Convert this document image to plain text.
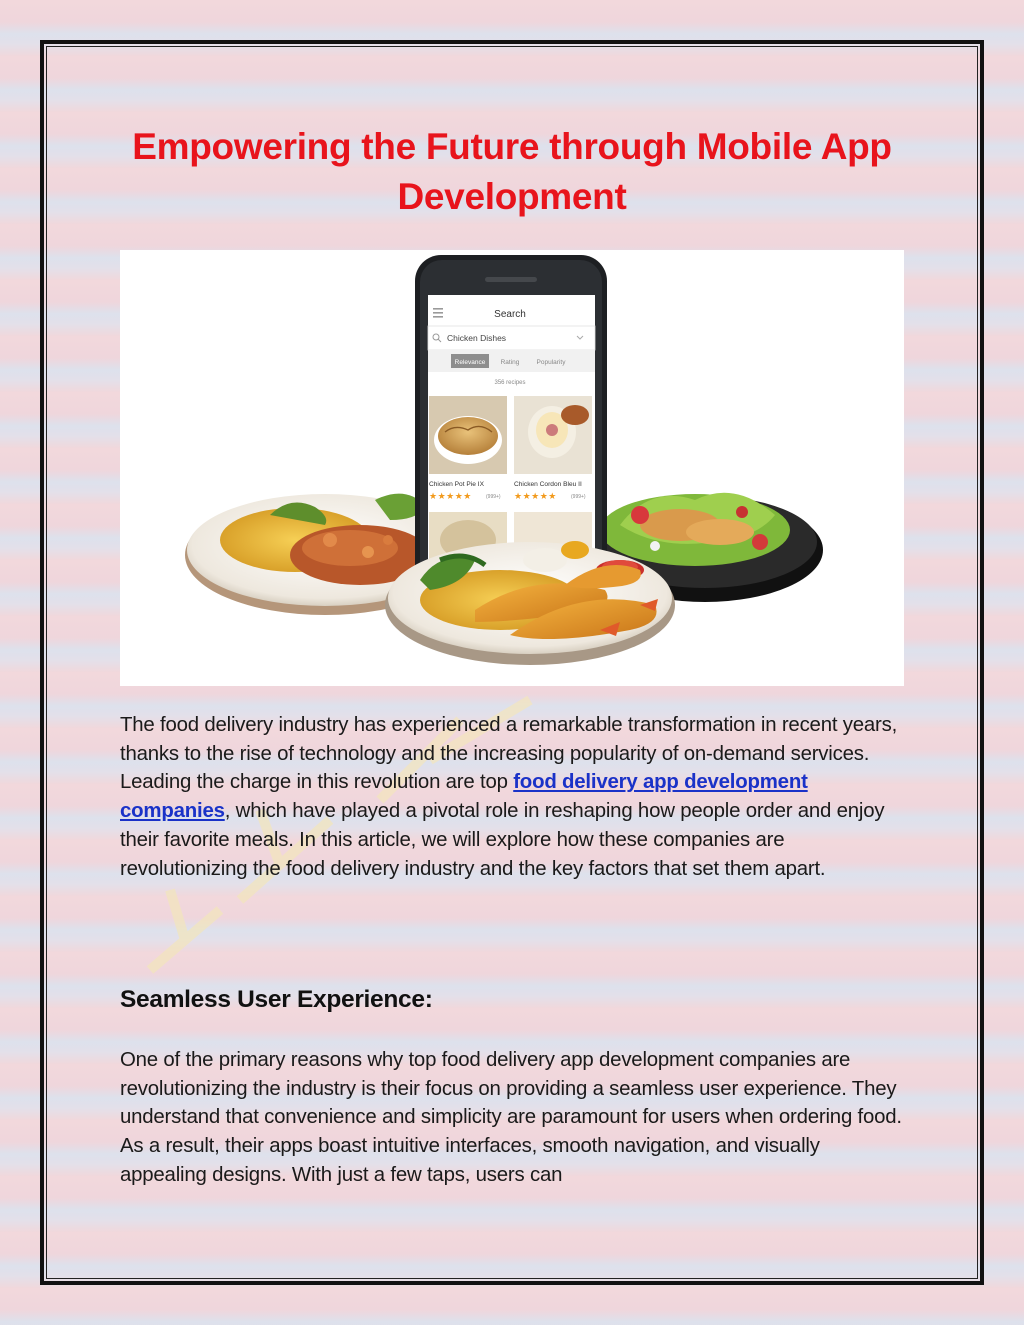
Empowering the Future through Mobile App Development
Search
Chicken Dishes
Relevance Rating	Popularity
356 recipes
Chicken Pot Pie IX
★★★★★	(999+)
Chicken Cordon Bleu II
★★★★★	(999+)

The food delivery industry has experienced a remarkable transformation in recent years, thanks to the rise of technology and the increasing popularity of on-demand services. Leading the charge in this revolution are top food delivery app development companies, which have played a pivotal role in reshaping how people order and enjoy their favorite meals. In this article, we will explore how these companies are revolutionizing the food delivery industry and the key factors that set them apart.

Seamless User Experience:

One of the primary reasons why top food delivery app development companies are revolutionizing the industry is their focus on providing a seamless user experience. They understand that convenience and simplicity are paramount for users when ordering food. As a result, their apps boast intuitive interfaces, smooth navigation, and visually appealing designs. With just a few taps, users can
